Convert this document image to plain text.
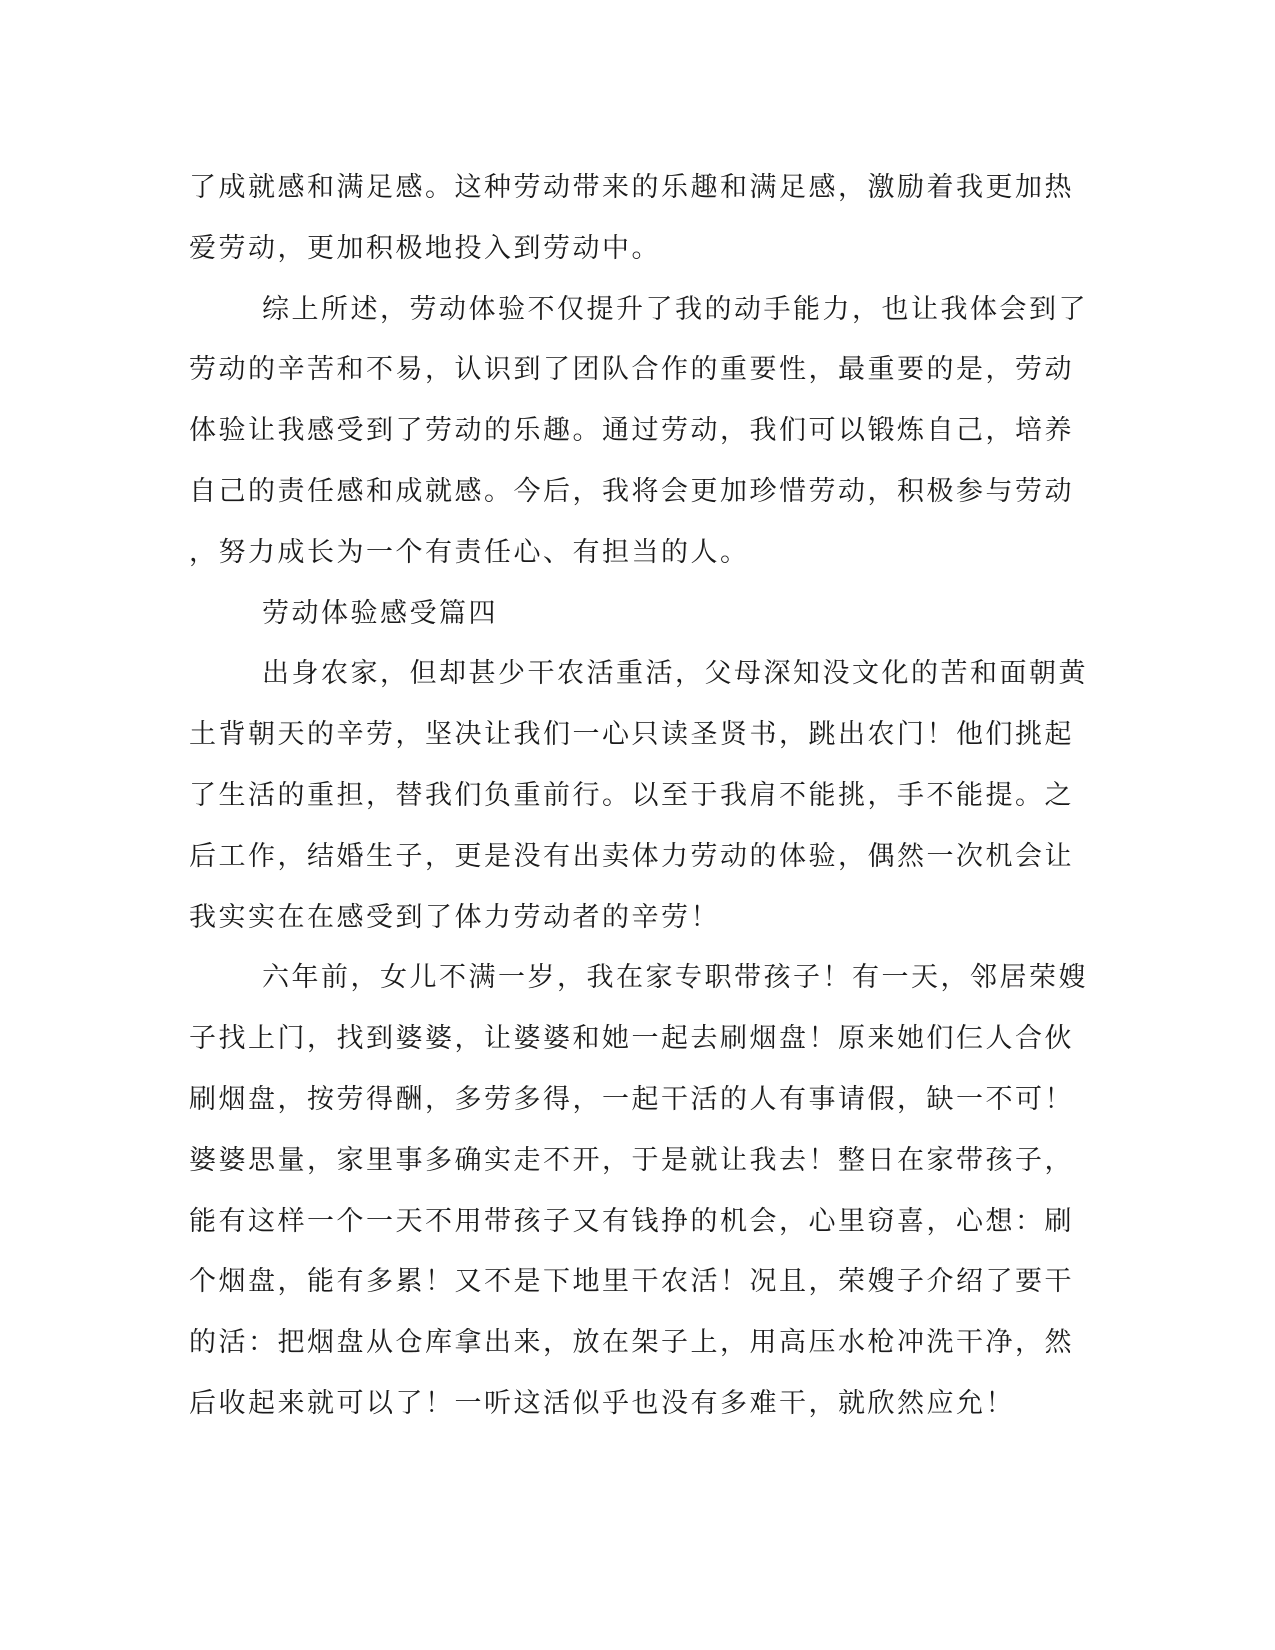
了成就感和满足感。这种劳动带来的乐趣和满足感，激励着我更加热
爱劳动，更加积极地投入到劳动中。
综上所述，劳动体验不仅提升了我的动手能力，也让我体会到了
劳动的辛苦和不易，认识到了团队合作的重要性，最重要的是，劳动
体验让我感受到了劳动的乐趣。通过劳动，我们可以锻炼自己，培养
自己的责任感和成就感。今后，我将会更加珍惜劳动，积极参与劳动
，努力成长为一个有责任心、有担当的人。
劳动体验感受篇四
出身农家，但却甚少干农活重活，父母深知没文化的苦和面朝黄
土背朝天的辛劳，坚决让我们一心只读圣贤书，跳出农门！他们挑起
了生活的重担，替我们负重前行。以至于我肩不能挑，手不能提。之
后工作，结婚生子，更是没有出卖体力劳动的体验，偶然一次机会让
我实实在在感受到了体力劳动者的辛劳！
六年前，女儿不满一岁，我在家专职带孩子！有一天，邻居荣嫂
子找上门，找到婆婆，让婆婆和她一起去刷烟盘！原来她们仨人合伙
刷烟盘，按劳得酬，多劳多得，一起干活的人有事请假，缺一不可！
婆婆思量，家里事多确实走不开，于是就让我去！整日在家带孩子，
能有这样一个一天不用带孩子又有钱挣的机会，心里窃喜，心想：刷
个烟盘，能有多累！又不是下地里干农活！况且，荣嫂子介绍了要干
的活：把烟盘从仓库拿出来，放在架子上，用高压水枪冲洗干净，然
后收起来就可以了！一听这活似乎也没有多难干，就欣然应允！
